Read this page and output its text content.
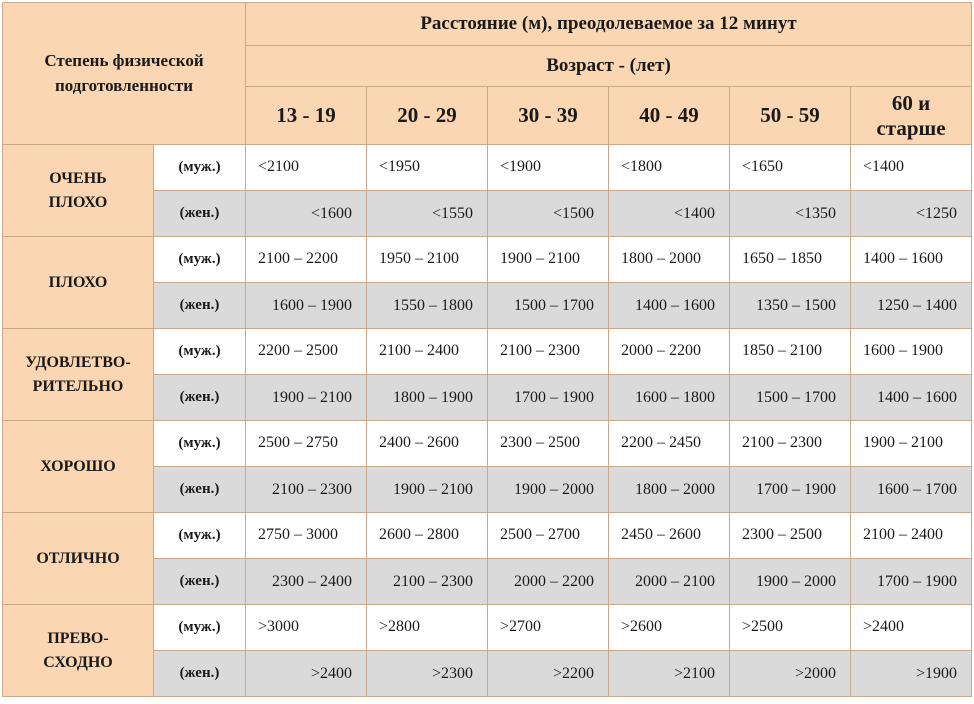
Степень физической подготовленности		Расстояние (м), преодолеваемое за 12 минут					
		Возраст - (лет)					
		13 - 19	20 - 29	30 - 39	40 - 49	50 - 59	60 и старше
ОЧЕНЬ ПЛОХО	(муж.)	<2100	<1950	<1900	<1800	<1650	<1400
	(жен.)	<1600	<1550	<1500	<1400	<1350	<1250
ПЛОХО	(муж.)	2100 – 2200	1950 – 2100	1900 – 2100	1800 – 2000	1650 – 1850	1400 – 1600
	(жен.)	1600 – 1900	1550 – 1800	1500 – 1700	1400 – 1600	1350 – 1500	1250 – 1400
УДОВЛЕТВО-РИТЕЛЬНО	(муж.)	2200 – 2500	2100 – 2400	2100 – 2300	2000 – 2200	1850 – 2100	1600 – 1900
	(жен.)	1900 – 2100	1800 – 1900	1700 – 1900	1600 – 1800	1500 – 1700	1400 – 1600
ХОРОШО	(муж.)	2500 – 2750	2400 – 2600	2300 – 2500	2200 – 2450	2100 – 2300	1900 – 2100
	(жен.)	2100 – 2300	1900 – 2100	1900 – 2000	1800 – 2000	1700 – 1900	1600 – 1700
ОТЛИЧНО	(муж.)	2750 – 3000	2600 – 2800	2500 – 2700	2450 – 2600	2300 – 2500	2100 – 2400
	(жен.)	2300 – 2400	2100 – 2300	2000 – 2200	2000 – 2100	1900 – 2000	1700 – 1900
ПРЕВО-СХОДНО	(муж.)	>3000	>2800	>2700	>2600	>2500	>2400
	(жен.)	>2400	>2300	>2200	>2100	>2000	>1900
